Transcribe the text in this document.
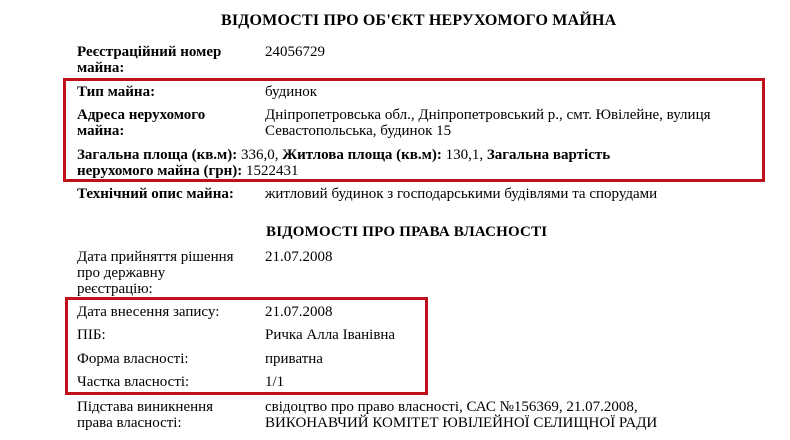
ВІДОМОСТІ ПРО ОБ'ЄКТ НЕРУХОМОГО МАЙНА
Реєстраційний номер
майна:
24056729
Тип майна:	будинок
Адреса нерухомого
майна:
Дніпропетровська обл., Дніпропетровський р., смт. Ювілейне, вулиця
Севастопольська, будинок 15
Загальна площа (кв.м): 336,0, Житлова площа (кв.м): 130,1, Загальна вартість
нерухомого майна (грн): 1522431
Технічний опис майна: житловий будинок з господарськими будівлями та спорудами
ВІДОМОСТІ ПРО ПРАВА ВЛАСНОСТІ
Дата прийняття рішення
про державну
реєстрацію:
21.07.2008
Дата внесення запису:	21.07.2008
ПІБ:	Ричка Алла Іванівна
Форма власності:	приватна
Частка власності:	1/1
Підстава виникнення
права власності:
свідоцтво про право власності, САС №156369, 21.07.2008,
ВИКОНАВЧИЙ КОМІТЕТ ЮВІЛЕЙНОЇ СЕЛИЩНОЇ РАДИ
